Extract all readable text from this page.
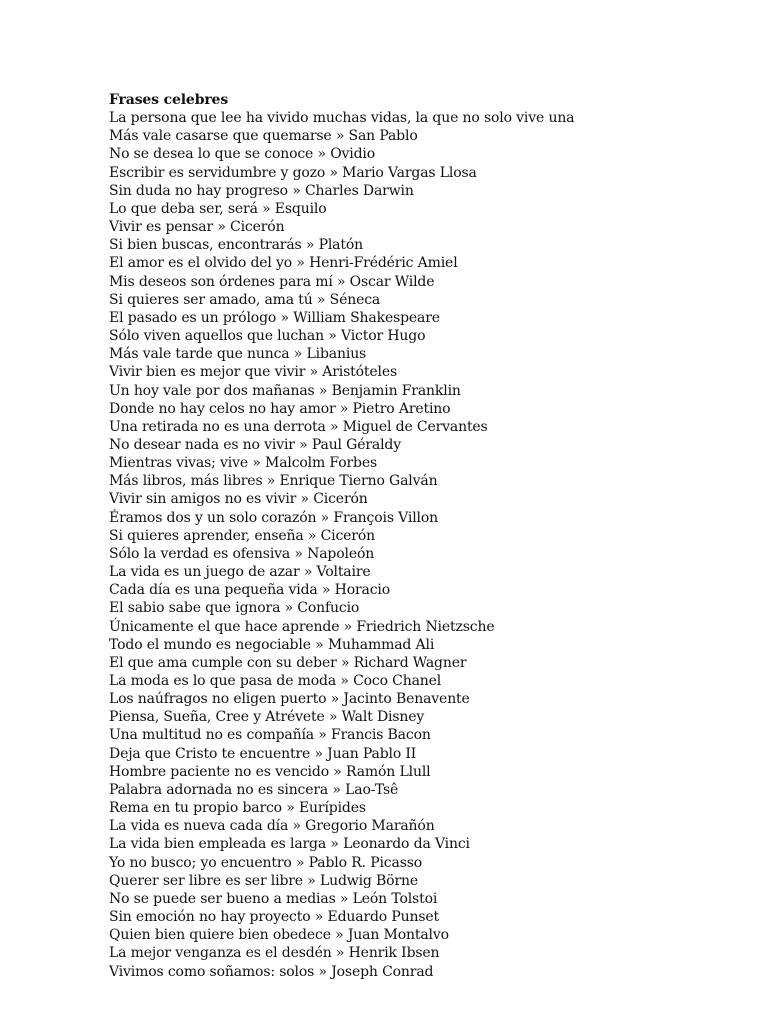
Frases celebres
La persona que lee ha vivido muchas vidas, la que no solo vive una
Más vale casarse que quemarse » San Pablo
No se desea lo que se conoce » Ovidio
Escribir es servidumbre y gozo » Mario Vargas Llosa
Sin duda no hay progreso » Charles Darwin
Lo que deba ser, será » Esquilo
Vivir es pensar » Cicerón
Si bien buscas, encontrarás » Platón
El amor es el olvido del yo » Henri-Frédéric Amiel
Mis deseos son órdenes para mí » Oscar Wilde
Si quieres ser amado, ama tú » Séneca
El pasado es un prólogo » William Shakespeare
Sólo viven aquellos que luchan » Victor Hugo
Más vale tarde que nunca » Libanius
Vivir bien es mejor que vivir » Aristóteles
Un hoy vale por dos mañanas » Benjamin Franklin
Donde no hay celos no hay amor » Pietro Aretino
Una retirada no es una derrota » Miguel de Cervantes
No desear nada es no vivir » Paul Géraldy
Mientras vivas; vive » Malcolm Forbes
Más libros, más libres » Enrique Tierno Galván
Vivir sin amigos no es vivir » Cicerón
Éramos dos y un solo corazón » François Villon
Si quieres aprender, enseña » Cicerón
Sólo la verdad es ofensiva » Napoleón
La vida es un juego de azar » Voltaire
Cada día es una pequeña vida » Horacio
El sabio sabe que ignora » Confucio
Únicamente el que hace aprende » Friedrich Nietzsche
Todo el mundo es negociable » Muhammad Ali
El que ama cumple con su deber » Richard Wagner
La moda es lo que pasa de moda » Coco Chanel
Los naúfragos no eligen puerto » Jacinto Benavente
Piensa, Sueña, Cree y Atrévete » Walt Disney
Una multitud no es compañía » Francis Bacon
Deja que Cristo te encuentre » Juan Pablo II
Hombre paciente no es vencido » Ramón Llull
Palabra adornada no es sincera » Lao-Tsê
Rema en tu propio barco » Eurípides
La vida es nueva cada día » Gregorio Marañón
La vida bien empleada es larga » Leonardo da Vinci
Yo no busco; yo encuentro » Pablo R. Picasso
Querer ser libre es ser libre » Ludwig Börne
No se puede ser bueno a medias » León Tolstoi
Sin emoción no hay proyecto » Eduardo Punset
Quien bien quiere bien obedece » Juan Montalvo
La mejor venganza es el desdén » Henrik Ibsen
Vivimos como soñamos: solos » Joseph Conrad
